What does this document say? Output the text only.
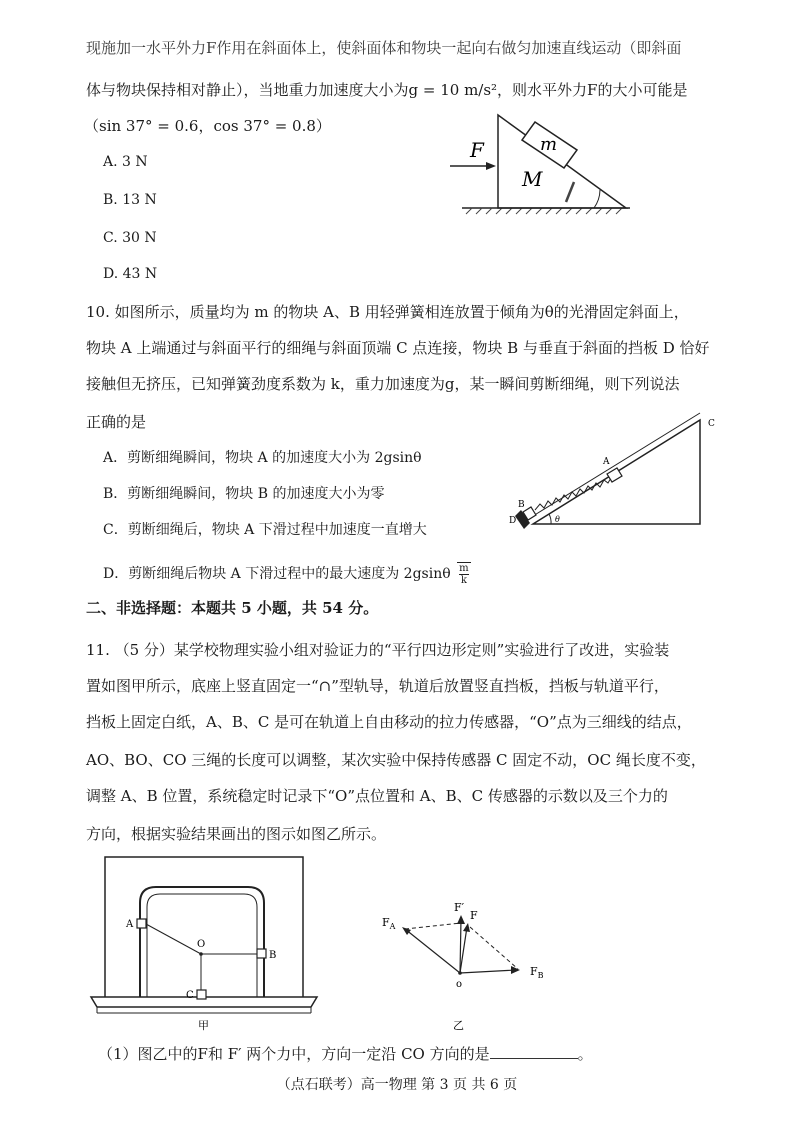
现施加一水平外力F作用在斜面体上，使斜面体和物块一起向右做匀加速直线运动（即斜面
体与物块保持相对静止），当地重力加速度大小为g = 10 m/s²，则水平外力F的大小可能是
（sin 37° = 0.6，cos 37° = 0.8）
A. 3 N
B. 13 N
C. 30 N
D. 43 N
F	m
M
10. 如图所示，质量均为 m 的物块 A、B 用轻弹簧相连放置于倾角为θ的光滑固定斜面上，
物块 A 上端通过与斜面平行的细绳与斜面顶端 C 点连接，物块 B 与垂直于斜面的挡板 D 恰好
接触但无挤压，已知弹簧劲度系数为 k，重力加速度为g，某一瞬间剪断细绳，则下列说法
正确的是
A．剪断细绳瞬间，物块 A 的加速度大小为 2gsinθ
B．剪断细绳瞬间，物块 B 的加速度大小为零
C．剪断细绳后，物块 A 下滑过程中加速度一直增大
D．剪断细绳后物块 A 下滑过程中的最大速度为 $2gsin\theta \frac{m}{k}$
A
B
C
D	θ
二、非选择题：本题共 5 小题，共 54 分。
11. （5 分）某学校物理实验小组对验证力的“平行四边形定则”实验进行了改进，实验装
置如图甲所示，底座上竖直固定一“∩”型轨导，轨道后放置竖直挡板，挡板与轨道平行，
挡板上固定白纸，A、B、C 是可在轨道上自由移动的拉力传感器，“O”点为三细线的结点，
AO、BO、CO 三绳的长度可以调整，某次实验中保持传感器 C 固定不动，OC 绳长度不变，
调整 A、B 位置，系统稳定时记录下“O”点位置和 A、B、C 传感器的示数以及三个力的
方向，根据实验结果画出的图示如图乙所示。
A
B
C
O
甲
$F_A$
$F_B$
F′
F
o
乙
（1）图乙中的F和 F′ 两个力中，方向一定沿 CO 方向的是	。
（点石联考）高一物理 第 3 页 共 6 页
